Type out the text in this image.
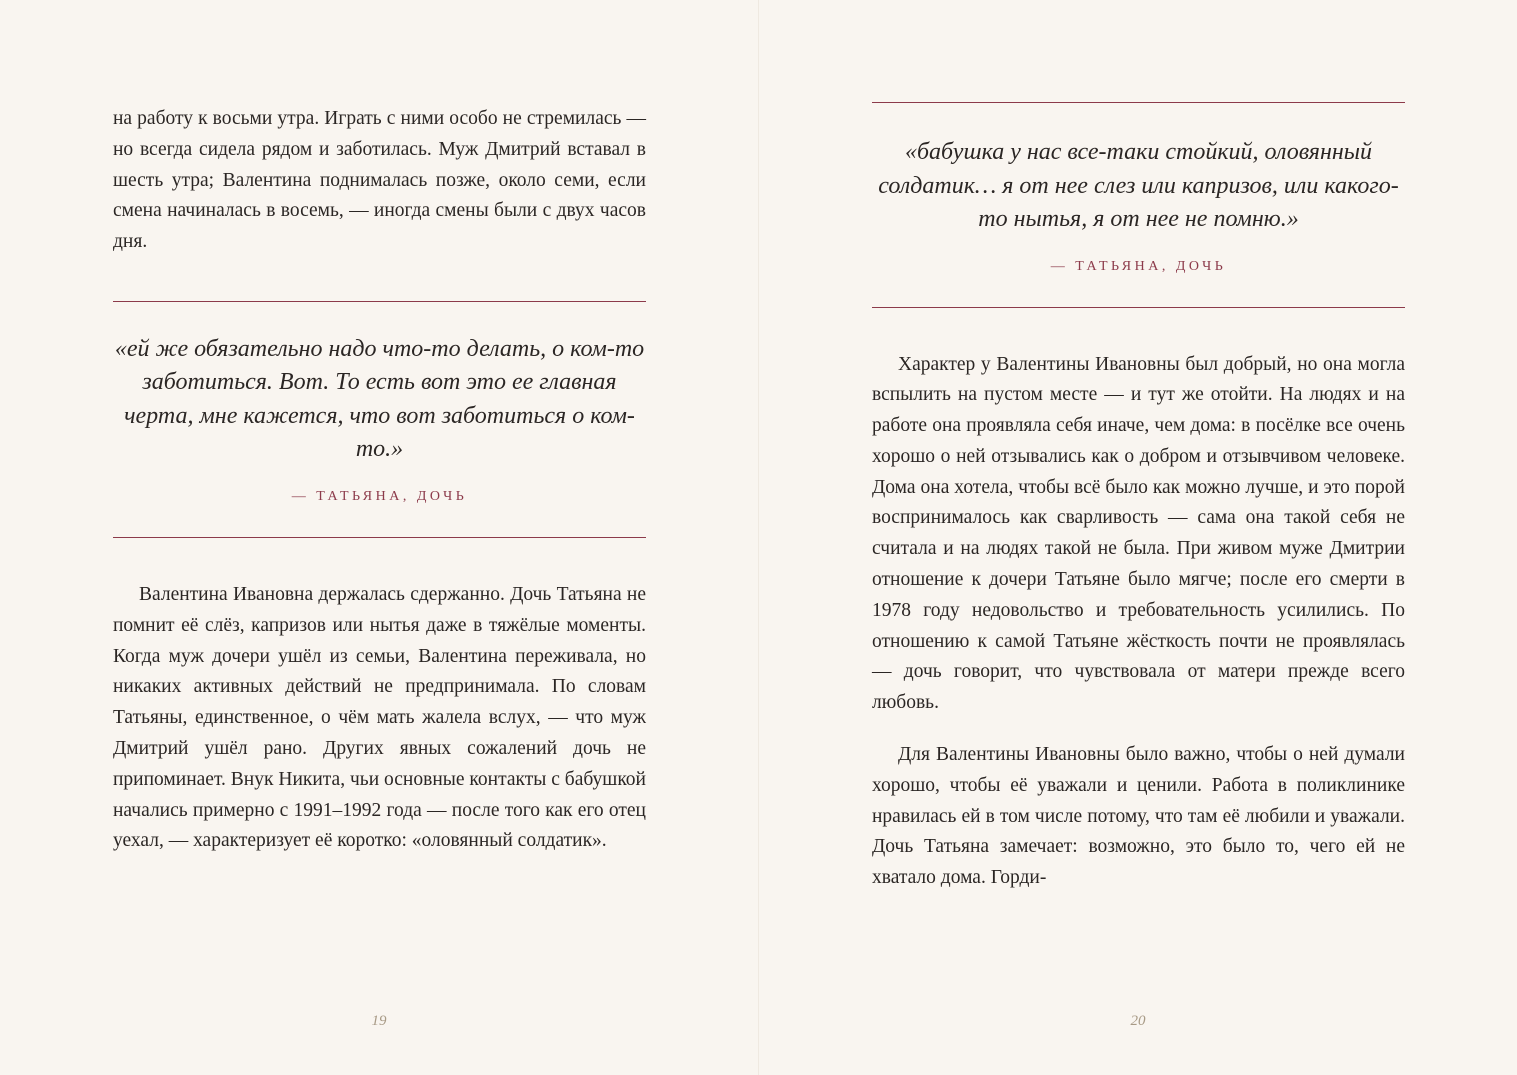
на работу к восьми утра. Играть с ними особо не стремилась — но всегда сидела рядом и заботилась. Муж Дмитрий вставал в шесть утра; Валентина поднималась позже, около семи, если смена начиналась в восемь, — иногда смены были с двух часов дня.

«ей же обязательно надо что-то делать, о ком-то заботиться. Вот. То есть вот это ее главная черта, мне кажется, что вот заботиться о ком-то.»

— ТАТЬЯНА, ДОЧЬ

Валентина Ивановна держалась сдержанно. Дочь Татьяна не помнит её слёз, капризов или нытья даже в тяжёлые моменты. Когда муж дочери ушёл из семьи, Валентина переживала, но никаких активных действий не предпринимала. По словам Татьяны, единственное, о чём мать жалела вслух, — что муж Дмитрий ушёл рано. Других явных сожалений дочь не припоминает. Внук Никита, чьи основные контакты с бабушкой начались примерно с 1991–1992 года — после того как его отец уехал, — характеризует её коротко: «оловянный солдатик».

19

«бабушка у нас все-таки стойкий, оловянный солдатик… я от нее слез или капризов, или какого-то нытья, я от нее не помню.»

— ТАТЬЯНА, ДОЧЬ

Характер у Валентины Ивановны был добрый, но она могла вспылить на пустом месте — и тут же отойти. На людях и на работе она проявляла себя иначе, чем дома: в посёлке все очень хорошо о ней отзывались как о добром и отзывчивом человеке. Дома она хотела, чтобы всё было как можно лучше, и это порой воспринималось как сварливость — сама она такой себя не считала и на людях такой не была. При живом муже Дмитрии отношение к дочери Татьяне было мягче; после его смерти в 1978 году недовольство и требовательность усилились. По отношению к самой Татьяне жёсткость почти не проявлялась — дочь говорит, что чувствовала от матери прежде всего любовь.

Для Валентины Ивановны было важно, чтобы о ней думали хорошо, чтобы её уважали и ценили. Работа в поликлинике нравилась ей в том числе потому, что там её любили и уважали. Дочь Татьяна замечает: возможно, это было то, чего ей не хватало дома. Горди-

20
